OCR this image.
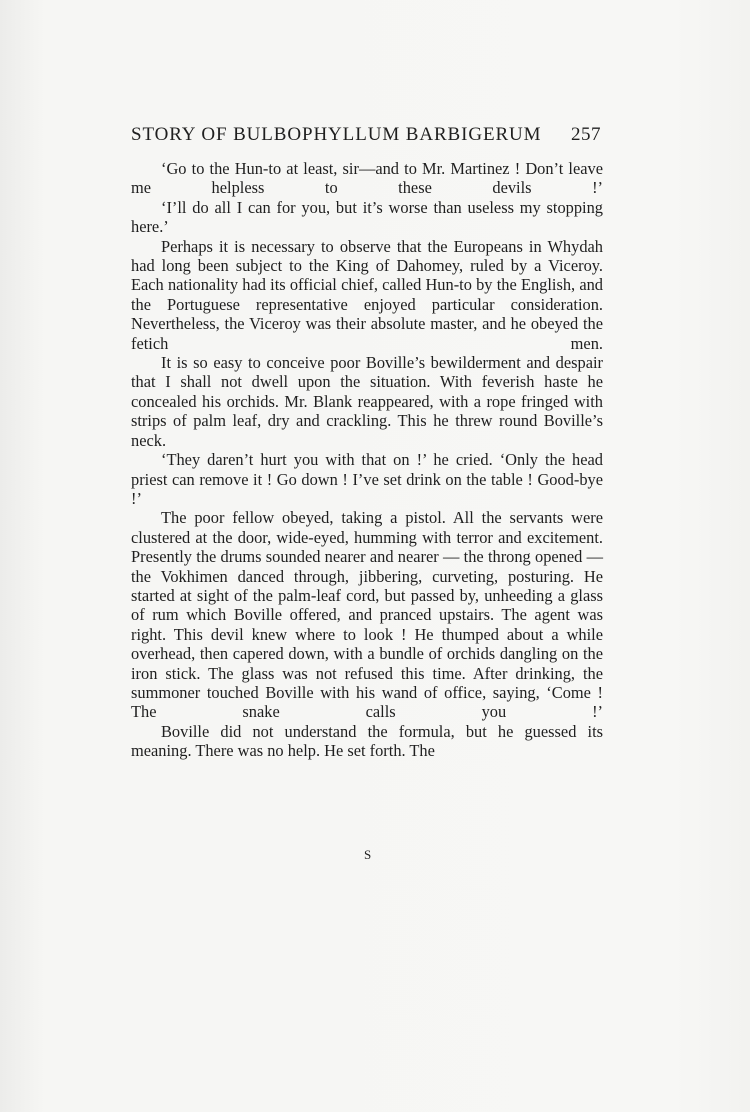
STORY OF BULBOPHYLLUM BARBIGERUM 257

‘Go to the Hun-to at least, sir—and to Mr. Martinez ! Don’t leave me helpless to these devils !’

‘I’ll do all I can for you, but it’s worse than useless my stopping here.’

Perhaps it is necessary to observe that the Europeans in Whydah had long been subject to the King of Dahomey, ruled by a Viceroy. Each nationality had its official chief, called Hun-to by the English, and the Portuguese representative enjoyed particular consideration. Nevertheless, the Viceroy was their absolute master, and he obeyed the fetich men.

It is so easy to conceive poor Boville’s bewilderment and despair that I shall not dwell upon the situation. With feverish haste he concealed his orchids. Mr. Blank reappeared, with a rope fringed with strips of palm leaf, dry and crackling. This he threw round Boville’s neck.

‘They daren’t hurt you with that on !’ he cried. ‘Only the head priest can remove it ! Go down ! I’ve set drink on the table ! Good-bye !’

The poor fellow obeyed, taking a pistol. All the servants were clustered at the door, wide-eyed, humming with terror and excitement. Presently the drums sounded nearer and nearer — the throng opened — the Vokhimen danced through, jibbering, curveting, posturing. He started at sight of the palm-leaf cord, but passed by, unheeding a glass of rum which Boville offered, and pranced upstairs. The agent was right. This devil knew where to look ! He thumped about a while overhead, then capered down, with a bundle of orchids dangling on the iron stick. The glass was not refused this time. After drinking, the summoner touched Boville with his wand of office, saying, ‘Come ! The snake calls you !’

Boville did not understand the formula, but he guessed its meaning. There was no help. He set forth. The

S
